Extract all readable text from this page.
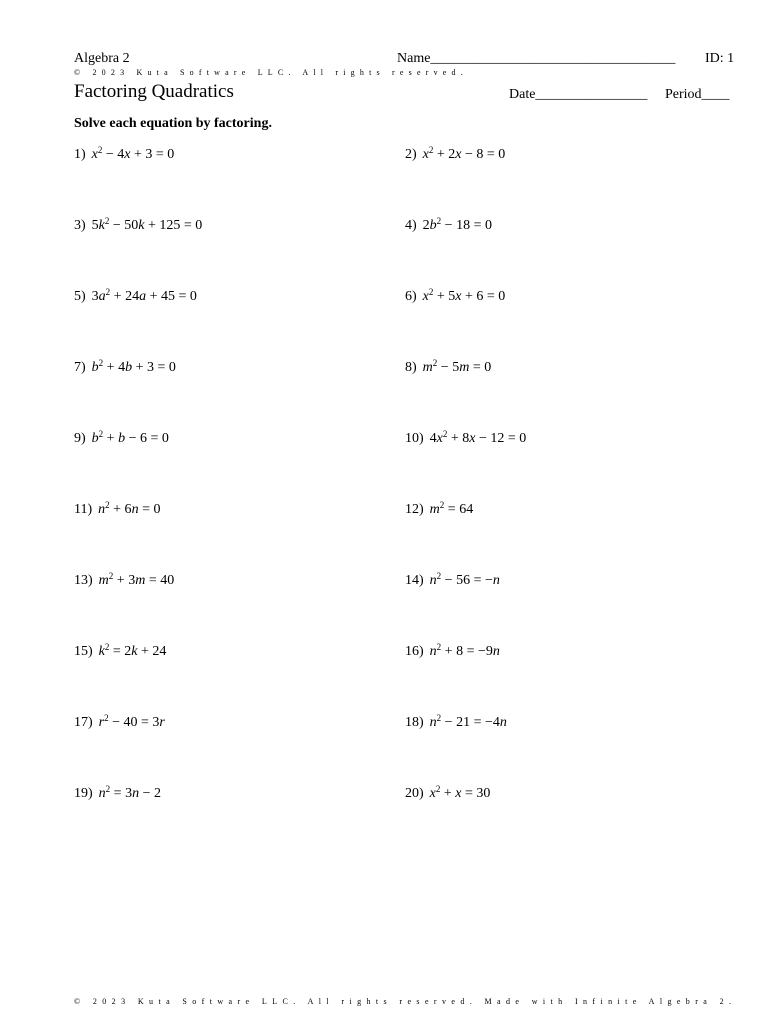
Algebra 2	Name___________________________________ ID: 1
© 2023 Kuta Software LLC. All rights reserved.
Factoring Quadratics	Date________________ Period____
Solve each equation by factoring.
1) $x^2 - 4x + 3 = 0$	2) $x^2 + 2x - 8 = 0$
3) $5k^2 - 50k + 125 = 0$	4) $2b^2 - 18 = 0$
5) $3a^2 + 24a + 45 = 0$	6) $x^2 + 5x + 6 = 0$
7) $b^2 + 4b + 3 = 0$	8) $m^2 - 5m = 0$
9) $b^2 + b - 6 = 0$	10) $4x^2 + 8x - 12 = 0$
11) $n^2 + 6n = 0$	12) $m^2 = 64$
13) $m^2 + 3m = 40$	14) $n^2 - 56 = -n$
15) $k^2 = 2k + 24$	16) $n^2 + 8 = -9n$
17) $r^2 - 40 = 3r$	18) $n^2 - 21 = -4n$
19) $n^2 = 3n - 2$	20) $x^2 + x = 30$
© 2023 Kuta Software LLC. All rights reserved. Made with Infinite Algebra 2.
